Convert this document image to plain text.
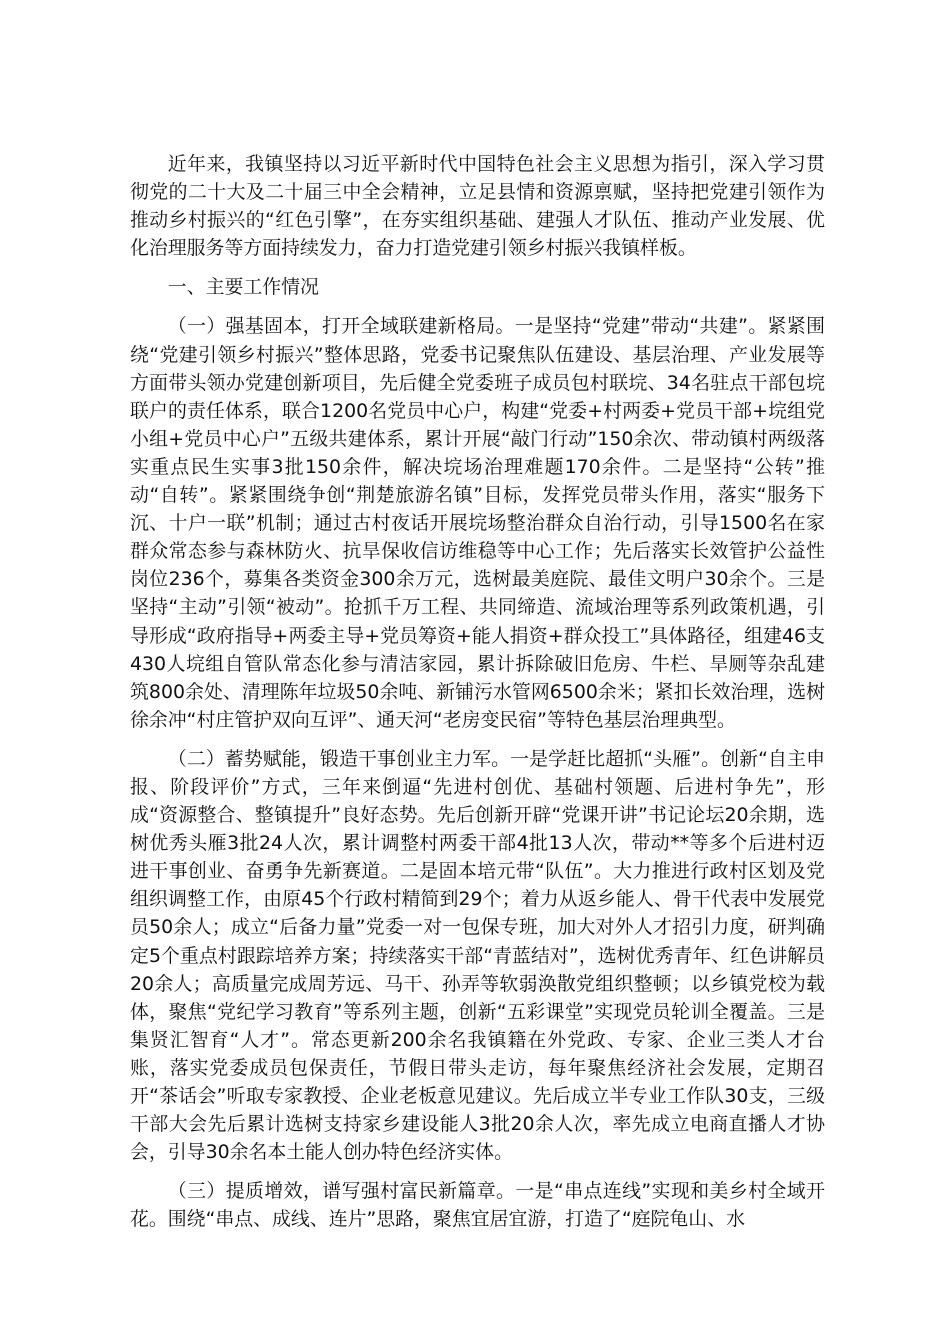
近年来，我镇坚持以习近平新时代中国特色社会主义思想为指引，深入学习贯彻党的二十大及二十届三中全会精神，立足县情和资源禀赋，坚持把党建引领作为推动乡村振兴的“红色引擎”，在夯实组织基础、建强人才队伍、推动产业发展、优化治理服务等方面持续发力，奋力打造党建引领乡村振兴我镇样板。

一、主要工作情况

（一）强基固本，打开全域联建新格局。一是坚持“党建”带动“共建”。紧紧围绕“党建引领乡村振兴”整体思路，党委书记聚焦队伍建设、基层治理、产业发展等方面带头领办党建创新项目，先后健全党委班子成员包村联垸、34名驻点干部包垸联户的责任体系，联合1200名党员中心户，构建“党委+村两委+党员干部+垸组党小组+党员中心户”五级共建体系，累计开展“敲门行动”150余次、带动镇村两级落实重点民生实事3批150余件，解决垸场治理难题170余件。二是坚持“公转”推动“自转”。紧紧围绕争创“荆楚旅游名镇”目标，发挥党员带头作用，落实“服务下沉、十户一联”机制；通过古村夜话开展垸场整治群众自治行动，引导1500名在家群众常态参与森林防火、抗旱保收信访维稳等中心工作；先后落实长效管护公益性岗位236个，募集各类资金300余万元，选树最美庭院、最佳文明户30余个。三是坚持“主动”引领“被动”。抢抓千万工程、共同缔造、流域治理等系列政策机遇，引导形成“政府指导+两委主导+党员筹资+能人捐资+群众投工”具体路径，组建46支430人垸组自管队常态化参与清洁家园，累计拆除破旧危房、牛栏、旱厕等杂乱建筑800余处、清理陈年垃圾50余吨、新铺污水管网6500余米；紧扣长效治理，选树徐余冲“村庄管护双向互评”、通天河“老房变民宿”等特色基层治理典型。

（二）蓄势赋能，锻造干事创业主力军。一是学赶比超抓“头雁”。创新“自主申报、阶段评价”方式，三年来倒逼“先进村创优、基础村领题、后进村争先”，形成“资源整合、整镇提升”良好态势。先后创新开辟“党课开讲”书记论坛20余期，选树优秀头雁3批24人次，累计调整村两委干部4批13人次，带动**等多个后进村迈进干事创业、奋勇争先新赛道。二是固本培元带“队伍”。大力推进行政村区划及党组织调整工作，由原45个行政村精简到29个；着力从返乡能人、骨干代表中发展党员50余人；成立“后备力量”党委一对一包保专班，加大对外人才招引力度，研判确定5个重点村跟踪培养方案；持续落实干部“青蓝结对”，选树优秀青年、红色讲解员20余人；高质量完成周芳远、马干、孙弄等软弱涣散党组织整顿；以乡镇党校为载体，聚焦“党纪学习教育”等系列主题，创新“五彩课堂”实现党员轮训全覆盖。三是集贤汇智育“人才”。常态更新200余名我镇籍在外党政、专家、企业三类人才台账，落实党委成员包保责任，节假日带头走访，每年聚焦经济社会发展，定期召开“茶话会”听取专家教授、企业老板意见建议。先后成立半专业工作队30支，三级干部大会先后累计选树支持家乡建设能人3批20余人次，率先成立电商直播人才协会，引导30余名本土能人创办特色经济实体。

（三）提质增效，谱写强村富民新篇章。一是“串点连线”实现和美乡村全域开花。围绕“串点、成线、连片”思路，聚焦宜居宜游，打造了“庭院龟山、水
